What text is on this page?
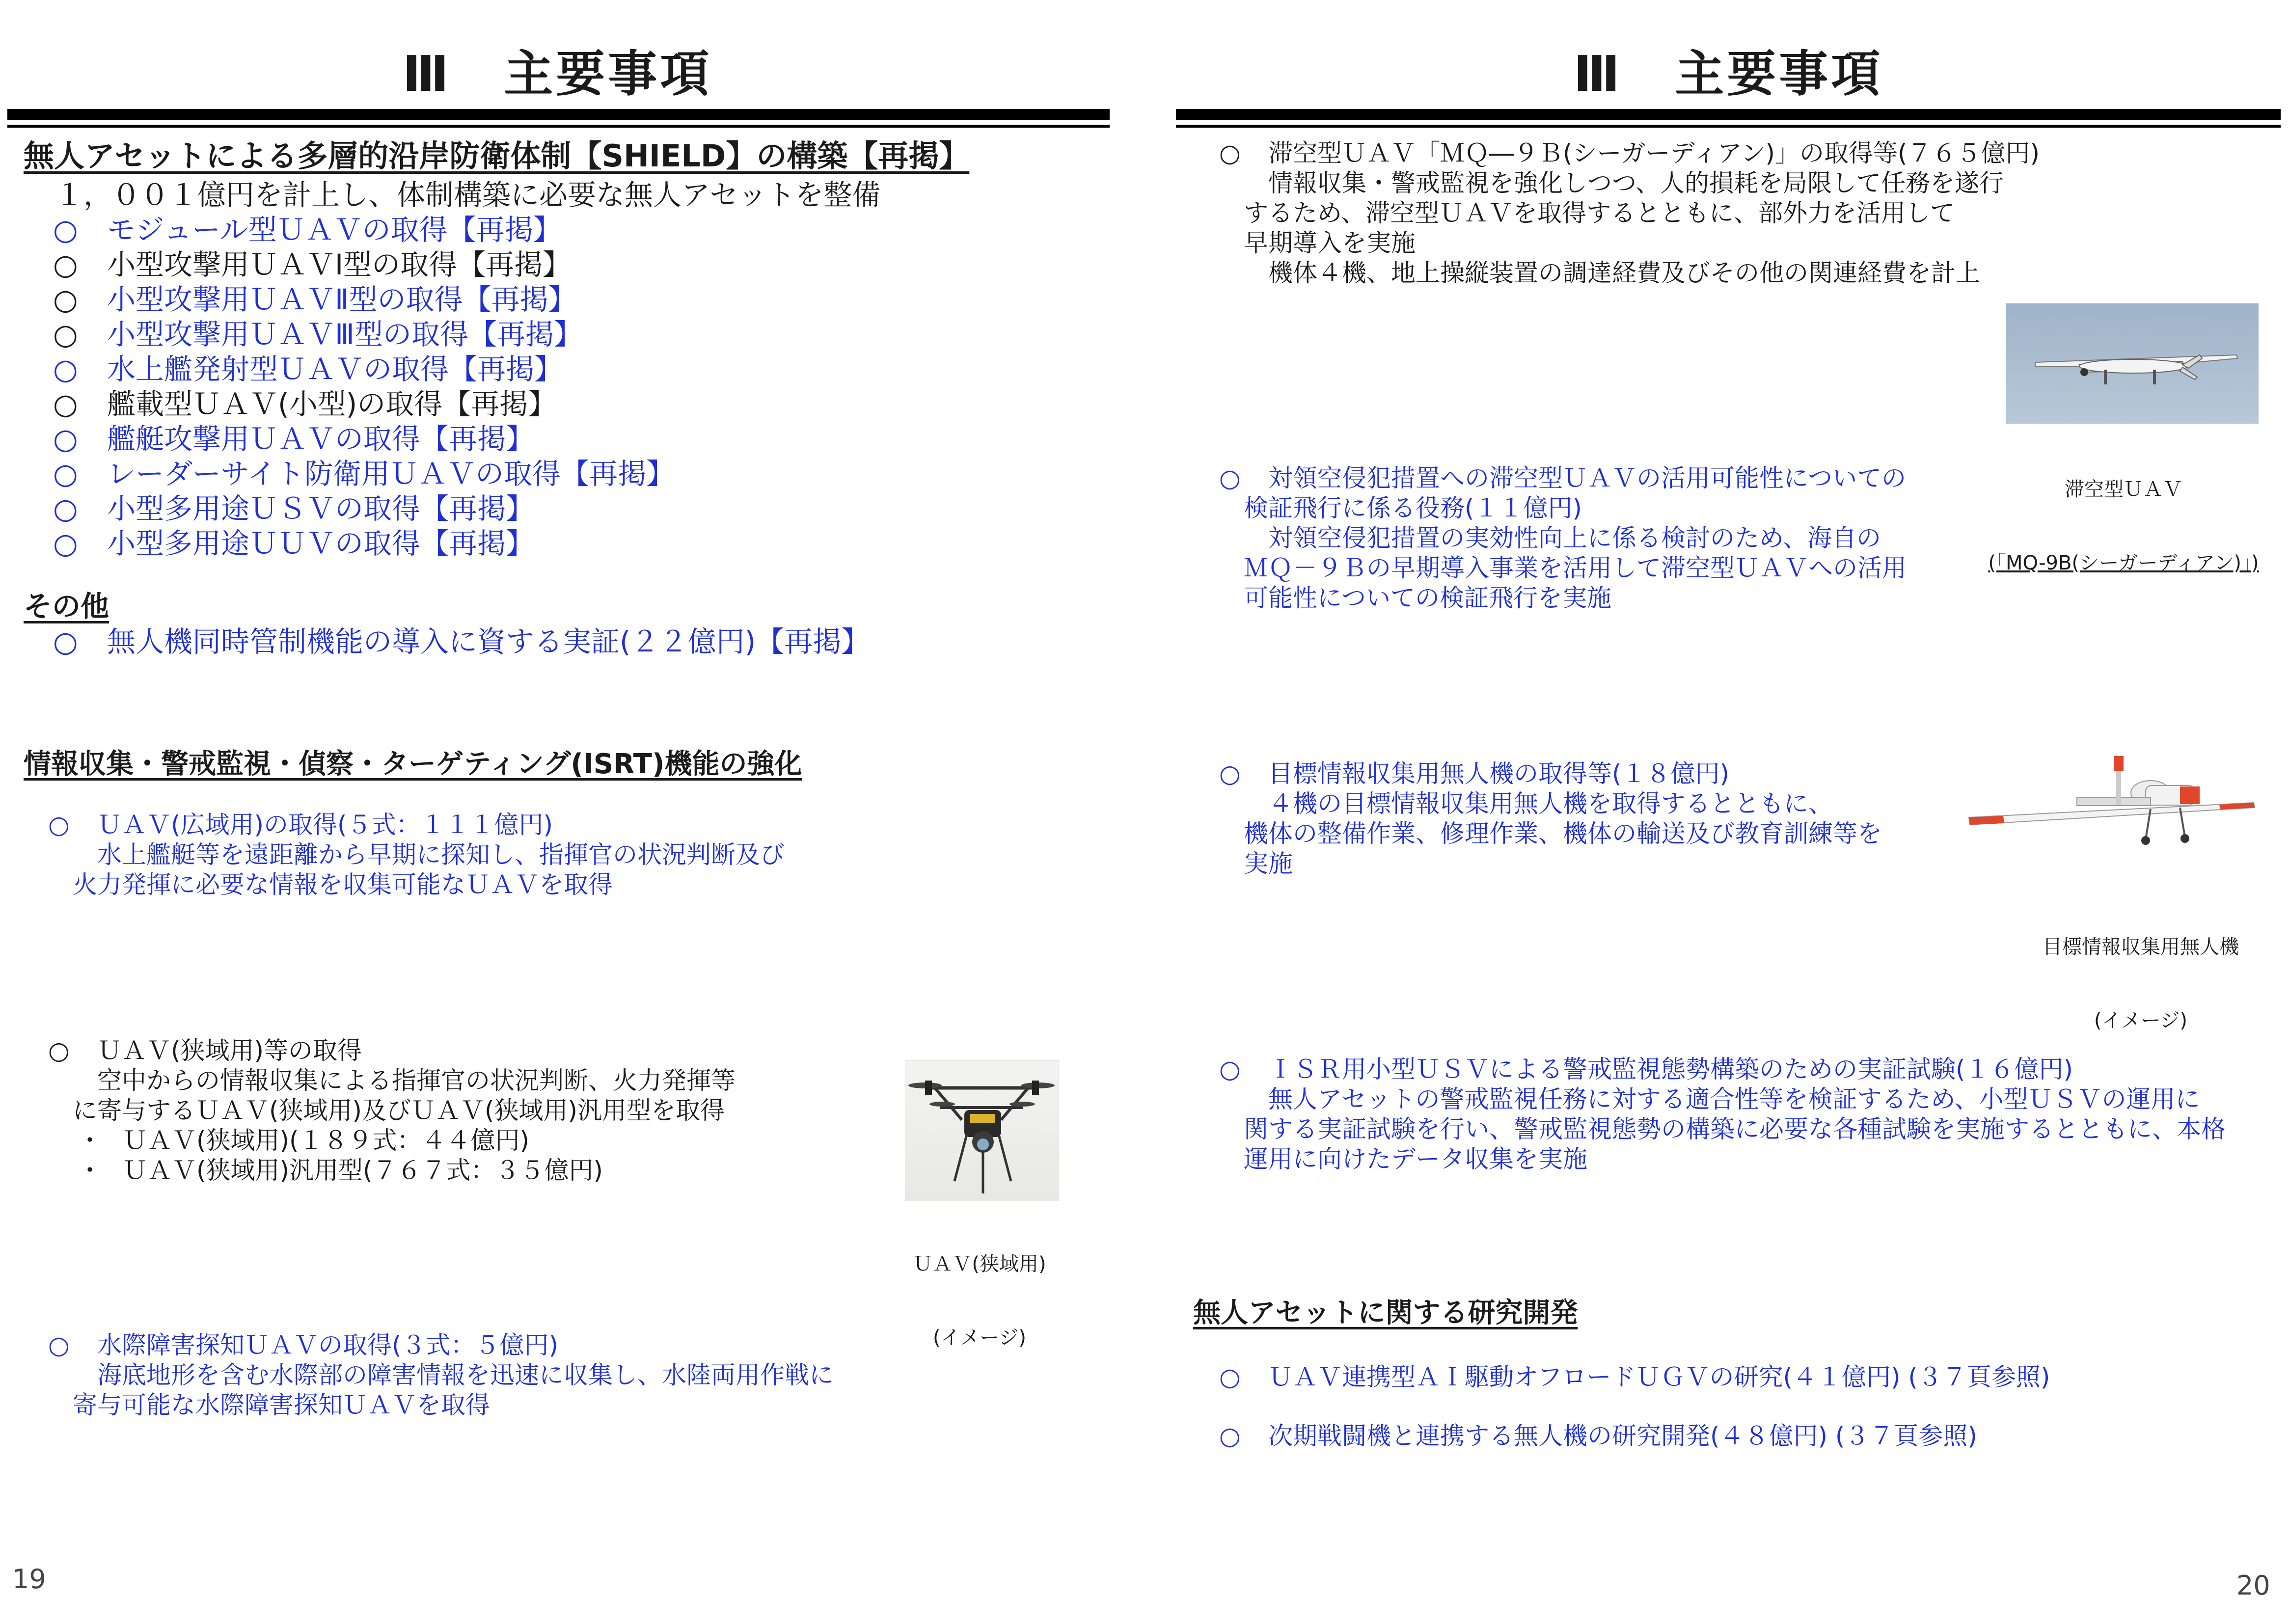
Ⅲ　主要事項
無人アセットによる多層的沿岸防衛体制【SHIELD】の構築【再掲】
１，００１億円を計上し、体制構築に必要な無人アセットを整備
○ モジュール型ＵＡＶの取得【再掲】
○ 小型攻撃用ＵＡＶⅠ型の取得【再掲】
○ 小型攻撃用ＵＡＶⅡ型の取得【再掲】
○ 小型攻撃用ＵＡＶⅢ型の取得【再掲】
○ 水上艦発射型ＵＡＶの取得【再掲】
○ 艦載型ＵＡＶ(小型)の取得【再掲】
○ 艦艇攻撃用ＵＡＶの取得【再掲】
○ レーダーサイト防衛用ＵＡＶの取得【再掲】
○ 小型多用途ＵＳＶの取得【再掲】
○ 小型多用途ＵＵＶの取得【再掲】
その他
○ 無人機同時管制機能の導入に資する実証(２２億円)【再掲】
情報収集・警戒監視・偵察・ターゲティング(ISRT)機能の強化
○ ＵＡＶ(広域用)の取得(５式：１１１億円)
水上艦艇等を遠距離から早期に探知し、指揮官の状況判断及び
火力発揮に必要な情報を収集可能なＵＡＶを取得
○ ＵＡＶ(狭域用)等の取得
空中からの情報収集による指揮官の状況判断、火力発揮等
に寄与するＵＡＶ(狭域用)及びＵＡＶ(狭域用)汎用型を取得
・ ＵＡＶ(狭域用)(１８９式：４４億円)
・ ＵＡＶ(狭域用)汎用型(７６７式：３５億円)

ＵＡＶ(狭域用)

(イメージ)

○ 水際障害探知ＵＡＶの取得(３式：５億円)
海底地形を含む水際部の障害情報を迅速に収集し、水陸両用作戦に
寄与可能な水際障害探知ＵＡＶを取得
19
Ⅲ　主要事項
○ 滞空型ＵＡＶ「ＭＱ―９Ｂ(シーガーディアン)」の取得等(７６５億円)
情報収集・警戒監視を強化しつつ、人的損耗を局限して任務を遂行
するため、滞空型ＵＡＶを取得するとともに、部外力を活用して
早期導入を実施
機体４機、地上操縦装置の調達経費及びその他の関連経費を計上

滞空型ＵＡＶ

(「MQ-9B(シーガーディアン)」)

○ 対領空侵犯措置への滞空型ＵＡＶの活用可能性についての
検証飛行に係る役務(１１億円)
対領空侵犯措置の実効性向上に係る検討のため、海自の
ＭＱ－９Ｂの早期導入事業を活用して滞空型ＵＡＶへの活用
可能性についての検証飛行を実施
○ 目標情報収集用無人機の取得等(１８億円)
４機の目標情報収集用無人機を取得するとともに、
機体の整備作業、修理作業、機体の輸送及び教育訓練等を
実施

目標情報収集用無人機

(イメージ)

○ ＩＳＲ用小型ＵＳＶによる警戒監視態勢構築のための実証試験(１６億円)
無人アセットの警戒監視任務に対する適合性等を検証するため、小型ＵＳＶの運用に
関する実証試験を行い、警戒監視態勢の構築に必要な各種試験を実施するとともに、本格
運用に向けたデータ収集を実施
無人アセットに関する研究開発
○ ＵＡＶ連携型ＡＩ駆動オフロードＵＧＶの研究(４１億円) (３７頁参照)
○ 次期戦闘機と連携する無人機の研究開発(４８億円) (３７頁参照)
20
